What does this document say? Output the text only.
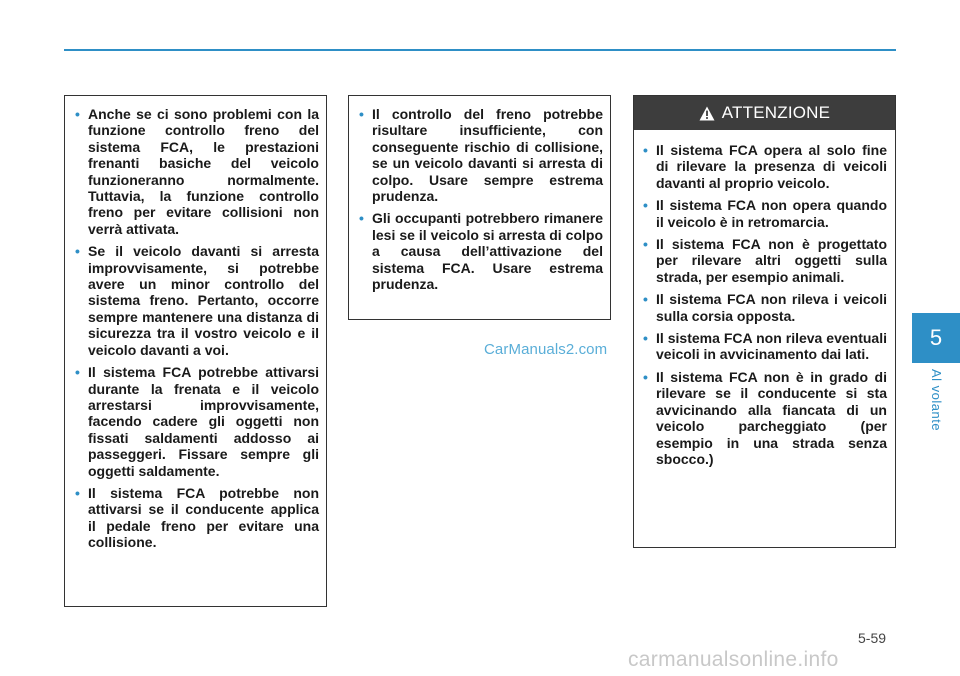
• Anche se ci sono problemi con la funzione controllo freno del sistema FCA, le prestazioni frenanti basiche del veicolo funzioneranno normalmente. Tuttavia, la funzione controllo freno per evitare collisioni non verrà attivata.
• Se il veicolo davanti si arresta improvvisamente, si potrebbe avere un minor controllo del sistema freno. Pertanto, occorre sempre mantenere una distanza di sicurezza tra il vostro veicolo e il veicolo davanti a voi.
• Il sistema FCA potrebbe attivarsi durante la frenata e il veicolo arrestarsi improvvisamente, facendo cadere gli oggetti non fissati saldamenti addosso ai passeggeri. Fissare sempre gli oggetti saldamente.
• Il sistema FCA potrebbe non attivarsi se il conducente applica il pedale freno per evitare una collisione.
• Il controllo del freno potrebbe risultare insufficiente, con conseguente rischio di collisione, se un veicolo davanti si arresta di colpo. Usare sempre estrema prudenza.
• Gli occupanti potrebbero rimanere lesi se il veicolo si arresta di colpo a causa dell’attivazione del sistema FCA. Usare estrema prudenza.
ATTENZIONE
• Il sistema FCA opera al solo fine di rilevare la presenza di veicoli davanti al proprio veicolo.
• Il sistema FCA non opera quando il veicolo è in retromarcia.
• Il sistema FCA non è progettato per rilevare altri oggetti sulla strada, per esempio animali.
• Il sistema FCA non rileva i veicoli sulla corsia opposta.
• Il sistema FCA non rileva eventuali veicoli in avvicinamento dai lati.
• Il sistema FCA non è in grado di rilevare se il conducente si sta avvicinando alla fiancata di un veicolo parcheggiato (per esempio in una strada senza sbocco.)
5
Al volante
CarManuals2.com
5-59
carmanualsonline.info
